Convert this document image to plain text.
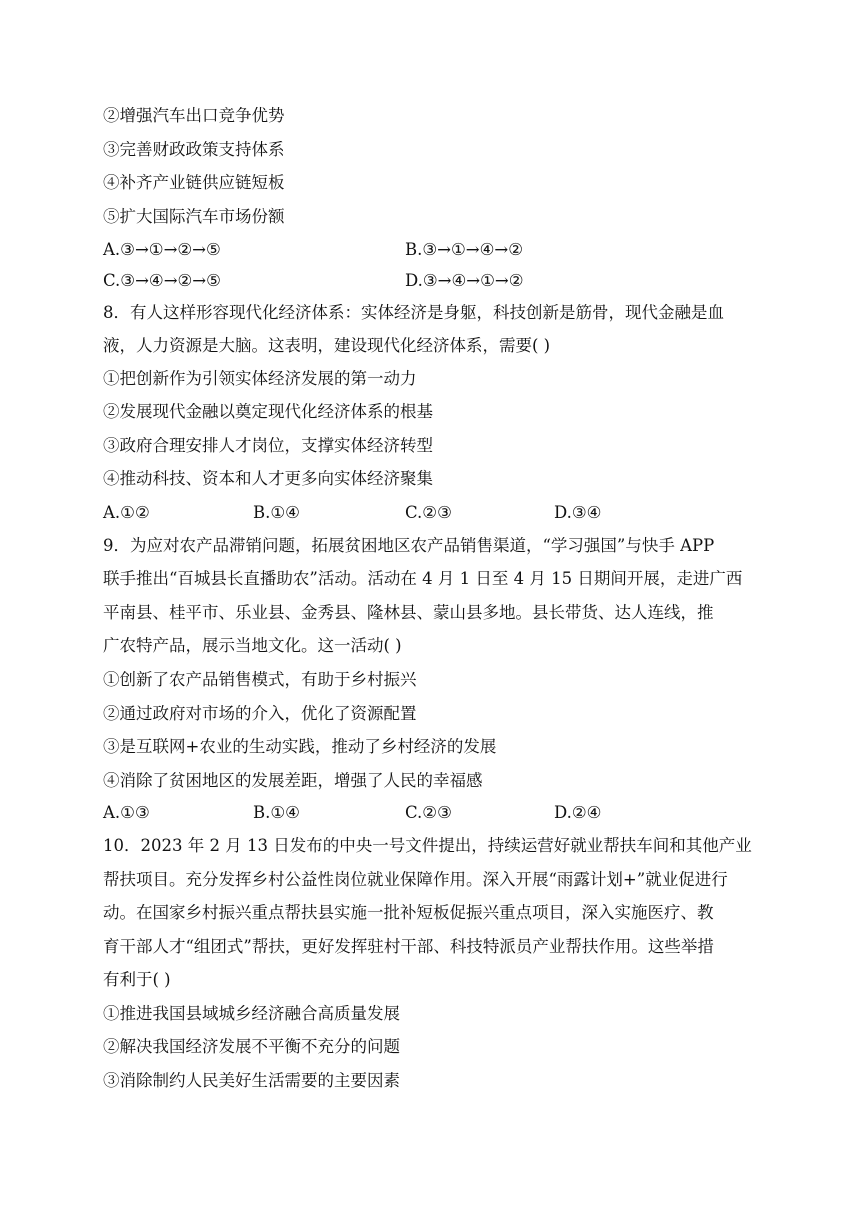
②增强汽车出口竞争优势
③完善财政政策支持体系
④补齐产业链供应链短板
⑤扩大国际汽车市场份额
A.③→①→②→⑤	B.③→①→④→②
C.③→④→②→⑤	D.③→④→①→②
8．有人这样形容现代化经济体系：实体经济是身躯，科技创新是筋骨，现代金融是血
液，人力资源是大脑。这表明，建设现代化经济体系，需要( )
①把创新作为引领实体经济发展的第一动力
②发展现代金融以奠定现代化经济体系的根基
③政府合理安排人才岗位，支撑实体经济转型
④推动科技、资本和人才更多向实体经济聚集
A.①②	B.①④	C.②③	D.③④
9．为应对农产品滞销问题，拓展贫困地区农产品销售渠道，“学习强国”与快手 APP
联手推出“百城县长直播助农”活动。活动在 4 月 1 日至 4 月 15 日期间开展，走进广西
平南县、桂平市、乐业县、金秀县、隆林县、蒙山县多地。县长带货、达人连线，推
广农特产品，展示当地文化。这一活动( )
①创新了农产品销售模式，有助于乡村振兴
②通过政府对市场的介入，优化了资源配置
③是互联网+农业的生动实践，推动了乡村经济的发展
④消除了贫困地区的发展差距，增强了人民的幸福感
A.①③	B.①④	C.②③	D.②④
10．2023 年 2 月 13 日发布的中央一号文件提出，持续运营好就业帮扶车间和其他产业
帮扶项目。充分发挥乡村公益性岗位就业保障作用。深入开展“雨露计划+”就业促进行
动。在国家乡村振兴重点帮扶县实施一批补短板促振兴重点项目，深入实施医疗、教
育干部人才“组团式”帮扶，更好发挥驻村干部、科技特派员产业帮扶作用。这些举措
有利于( )
①推进我国县域城乡经济融合高质量发展
②解决我国经济发展不平衡不充分的问题
③消除制约人民美好生活需要的主要因素
